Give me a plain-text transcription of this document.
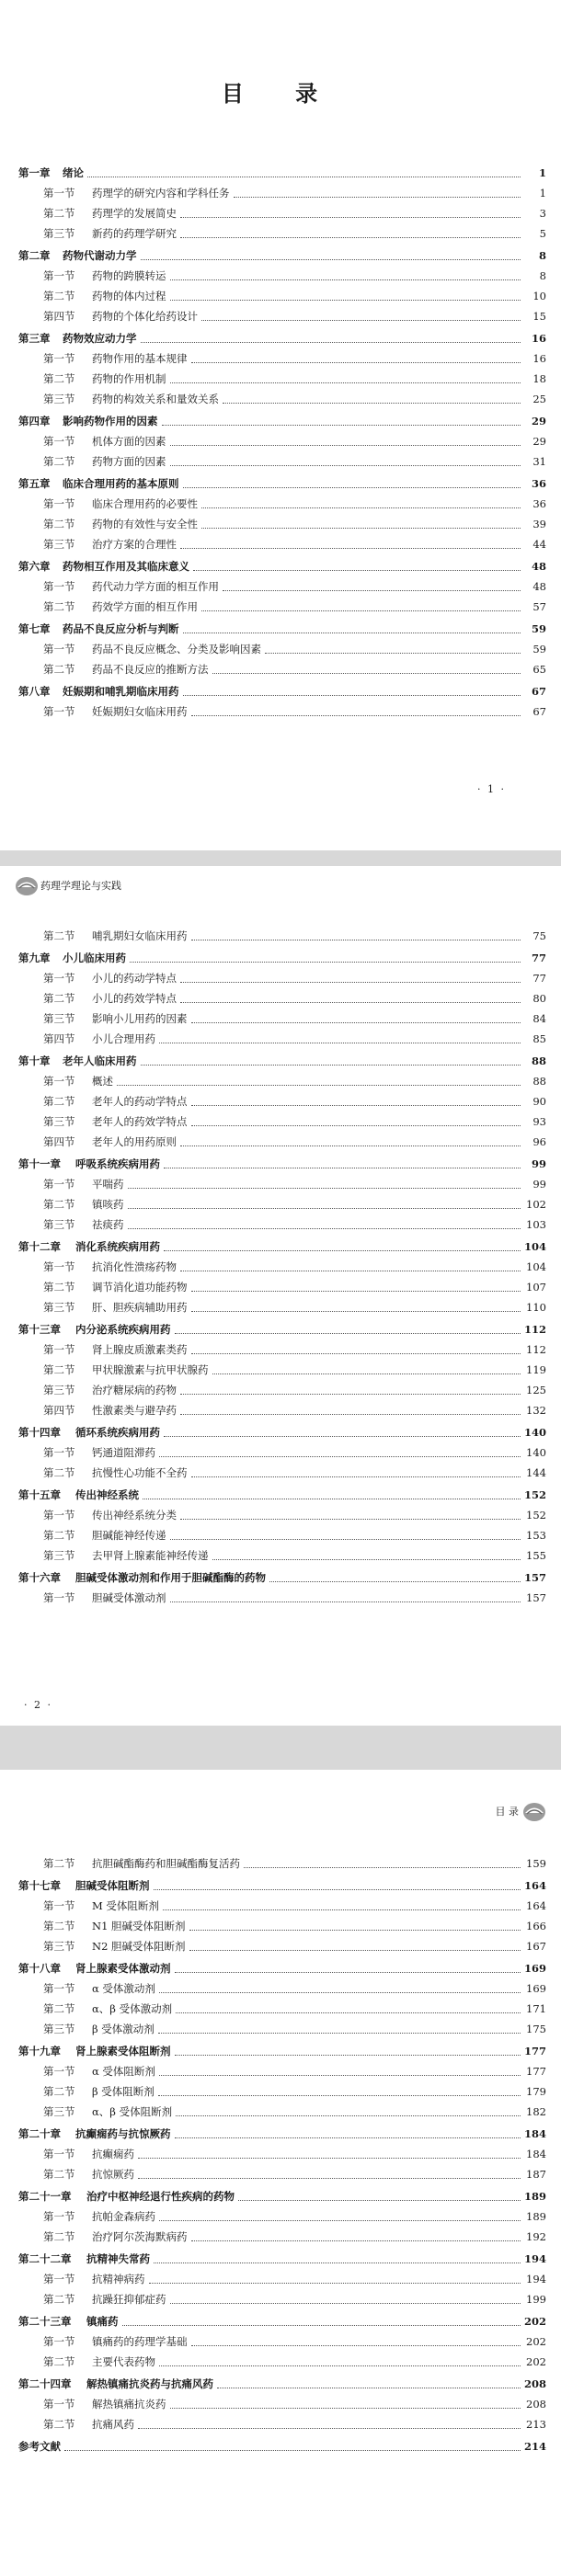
目 录
第一章 绪论	1
第一节 药理学的研究内容和学科任务	1
第二节 药理学的发展简史	3
第三节 新药的药理学研究	5
第二章 药物代谢动力学	8
第一节 药物的跨膜转运	8
第二节 药物的体内过程	10
第四节 药物的个体化给药设计	15
第三章 药物效应动力学	16
第一节 药物作用的基本规律	16
第二节 药物的作用机制	18
第三节 药物的构效关系和量效关系	25
第四章 影响药物作用的因素	29
第一节 机体方面的因素	29
第二节 药物方面的因素	31
第五章 临床合理用药的基本原则	36
第一节 临床合理用药的必要性	36
第二节 药物的有效性与安全性	39
第三节 治疗方案的合理性	44
第六章 药物相互作用及其临床意义	48
第一节 药代动力学方面的相互作用	48
第二节 药效学方面的相互作用	57
第七章 药品不良反应分析与判断	59
第一节 药品不良反应概念、分类及影响因素	59
第二节 药品不良反应的推断方法	65
第八章 妊娠期和哺乳期临床用药	67
第一节 妊娠期妇女临床用药	67
· 1 ·
药理学理论与实践
第二节 哺乳期妇女临床用药	75
第九章 小儿临床用药	77
第一节 小儿的药动学特点	77
第二节 小儿的药效学特点	80
第三节 影响小儿用药的因素	84
第四节 小儿合理用药	85
第十章 老年人临床用药	88
第一节 概述	88
第二节 老年人的药动学特点	90
第三节 老年人的药效学特点	93
第四节 老年人的用药原则	96
第十一章 呼吸系统疾病用药	99
第一节 平喘药	99
第二节 镇咳药	102
第三节 祛痰药	103
第十二章 消化系统疾病用药	104
第一节 抗消化性溃疡药物	104
第二节 调节消化道功能药物	107
第三节 肝、胆疾病辅助用药	110
第十三章 内分泌系统疾病用药	112
第一节 肾上腺皮质激素类药	112
第二节 甲状腺激素与抗甲状腺药	119
第三节 治疗糖尿病的药物	125
第四节 性激素类与避孕药	132
第十四章 循环系统疾病用药	140
第一节 钙通道阻滞药	140
第二节 抗慢性心功能不全药	144
第十五章 传出神经系统	152
第一节 传出神经系统分类	152
第二节 胆碱能神经传递	153
第三节 去甲肾上腺素能神经传递	155
第十六章 胆碱受体激动剂和作用于胆碱酯酶的药物	157
第一节 胆碱受体激动剂	157
· 2 ·
目 录
第二节 抗胆碱酯酶药和胆碱酯酶复活药	159
第十七章 胆碱受体阻断剂	164
第一节 M 受体阻断剂	164
第二节 N1 胆碱受体阻断剂	166
第三节 N2 胆碱受体阻断剂	167
第十八章 肾上腺素受体激动剂	169
第一节 α 受体激动剂	169
第二节 α、β 受体激动剂	171
第三节 β 受体激动剂	175
第十九章 肾上腺素受体阻断剂	177
第一节 α 受体阻断剂	177
第二节 β 受体阻断剂	179
第三节 α、β 受体阻断剂	182
第二十章 抗癫痫药与抗惊厥药	184
第一节 抗癫痫药	184
第二节 抗惊厥药	187
第二十一章 治疗中枢神经退行性疾病的药物	189
第一节 抗帕金森病药	189
第二节 治疗阿尔茨海默病药	192
第二十二章 抗精神失常药	194
第一节 抗精神病药	194
第二节 抗躁狂抑郁症药	199
第二十三章 镇痛药	202
第一节 镇痛药的药理学基础	202
第二节 主要代表药物	202
第二十四章 解热镇痛抗炎药与抗痛风药	208
第一节 解热镇痛抗炎药	208
第二节 抗痛风药	213
参考文献	214
